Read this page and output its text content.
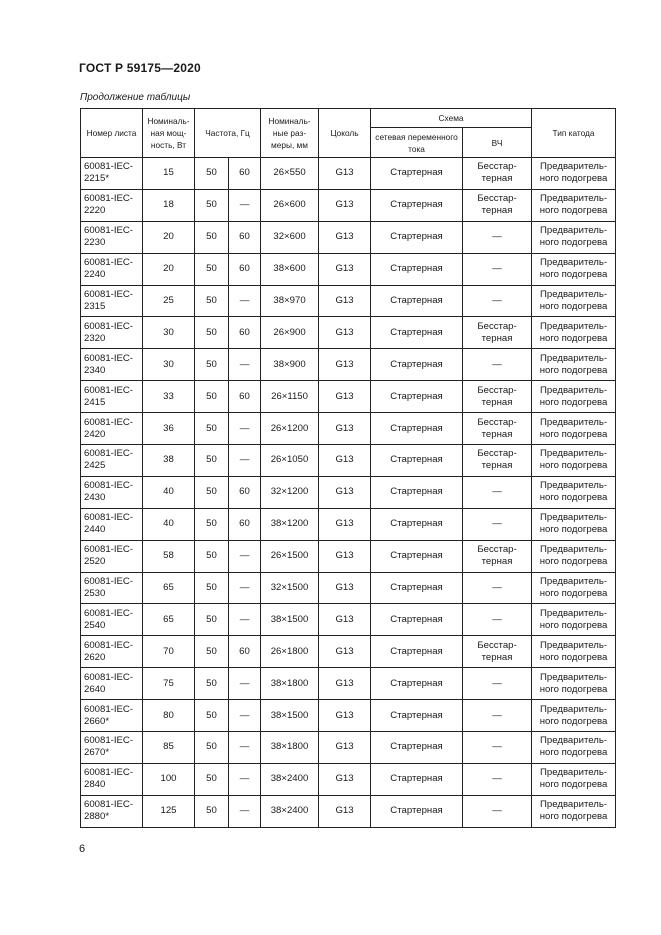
ГОСТ Р 59175—2020
Продолжение таблицы
Номер листа	Номиналь-ная мощ-ность, Вт	Частота, Гц		Номиналь-ные раз-меры, мм	Цоколь	Схема		Тип катода
						сетевая переменного тока	ВЧ	
60081-IEC-2215*	15	50	60	26×550	G13	Стартерная	Бесстар-терная	Предваритель-ного подогрева
60081-IEC-2220	18	50	—	26×600	G13	Стартерная	Бесстар-терная	Предваритель-ного подогрева
60081-IEC-2230	20	50	60	32×600	G13	Стартерная	—	Предваритель-ного подогрева
60081-IEC-2240	20	50	60	38×600	G13	Стартерная	—	Предваритель-ного подогрева
60081-IEC-2315	25	50	—	38×970	G13	Стартерная	—	Предваритель-ного подогрева
60081-IEC-2320	30	50	60	26×900	G13	Стартерная	Бесстар-терная	Предваритель-ного подогрева
60081-IEC-2340	30	50	—	38×900	G13	Стартерная	—	Предваритель-ного подогрева
60081-IEC-2415	33	50	60	26×1150	G13	Стартерная	Бесстар-терная	Предваритель-ного подогрева
60081-IEC-2420	36	50	—	26×1200	G13	Стартерная	Бесстар-терная	Предваритель-ного подогрева
60081-IEC-2425	38	50	—	26×1050	G13	Стартерная	Бесстар-терная	Предваритель-ного подогрева
60081-IEC-2430	40	50	60	32×1200	G13	Стартерная	—	Предваритель-ного подогрева
60081-IEC-2440	40	50	60	38×1200	G13	Стартерная	—	Предваритель-ного подогрева
60081-IEC-2520	58	50	—	26×1500	G13	Стартерная	Бесстар-терная	Предваритель-ного подогрева
60081-IEC-2530	65	50	—	32×1500	G13	Стартерная	—	Предваритель-ного подогрева
60081-IEC-2540	65	50	—	38×1500	G13	Стартерная	—	Предваритель-ного подогрева
60081-IEC-2620	70	50	60	26×1800	G13	Стартерная	Бесстар-терная	Предваритель-ного подогрева
60081-IEC-2640	75	50	—	38×1800	G13	Стартерная	—	Предваритель-ного подогрева
60081-IEC-2660*	80	50	—	38×1500	G13	Стартерная	—	Предваритель-ного подогрева
60081-IEC-2670*	85	50	—	38×1800	G13	Стартерная	—	Предваритель-ного подогрева
60081-IEC-2840	100	50	—	38×2400	G13	Стартерная	—	Предваритель-ного подогрева
60081-IEC-2880*	125	50	—	38×2400	G13	Стартерная	—	Предваритель-ного подогрева
6
